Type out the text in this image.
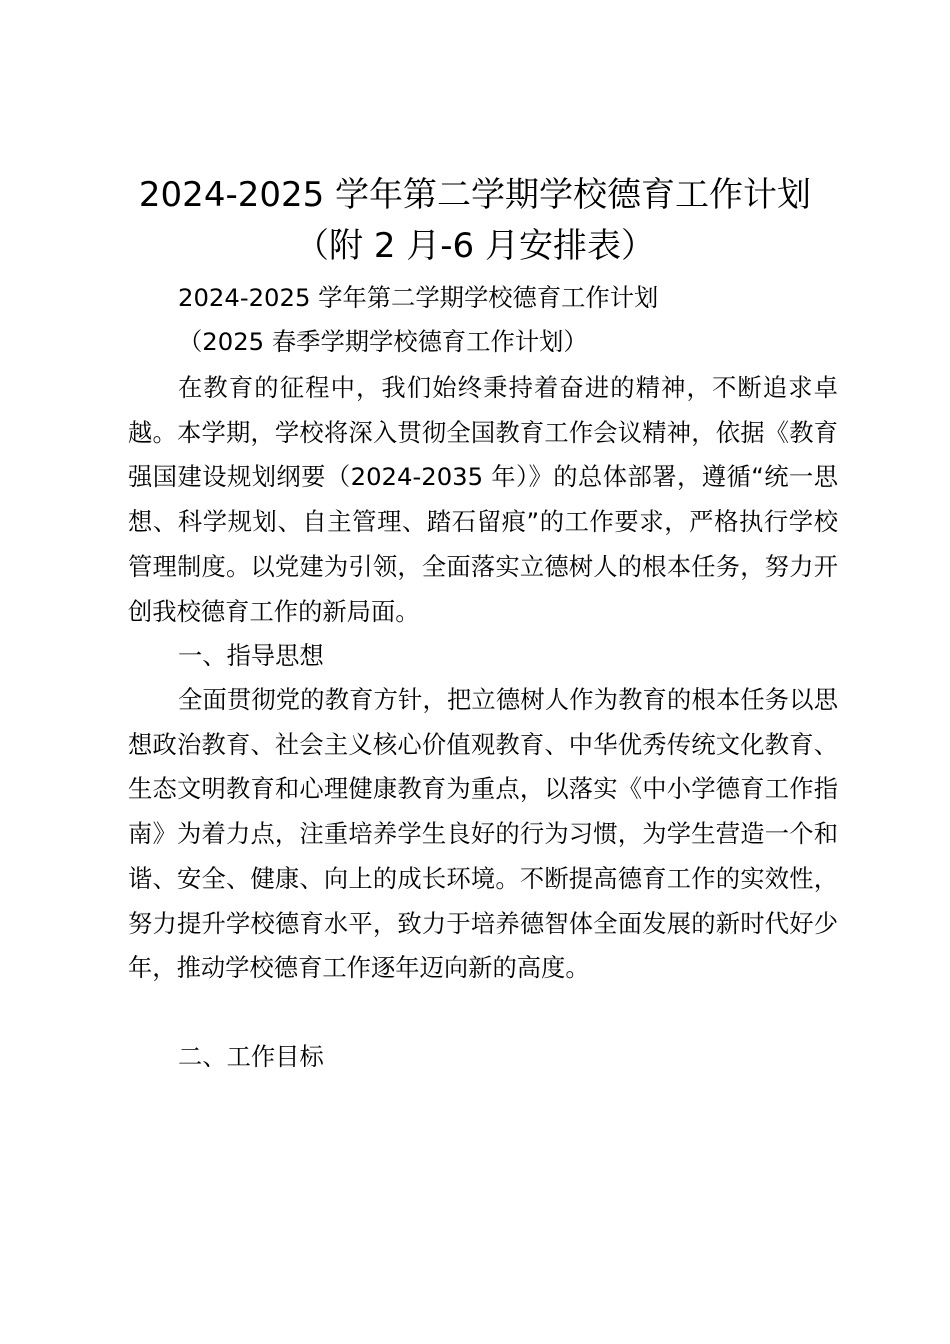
2024-2025 学年第二学期学校德育工作计划
（附 2 月-6 月安排表）

2024-2025 学年第二学期学校德育工作计划

（2025 春季学期学校德育工作计划）

在教育的征程中，我们始终秉持着奋进的精神，不断追求卓越。本学期，学校将深入贯彻全国教育工作会议精神，依据《教育强国建设规划纲要（2024-2035 年）》的总体部署，遵循“统一思想、科学规划、自主管理、踏石留痕”的工作要求，严格执行学校管理制度。以党建为引领，全面落实立德树人的根本任务，努力开创我校德育工作的新局面。

一、指导思想

全面贯彻党的教育方针，把立德树人作为教育的根本任务以思想政治教育、社会主义核心价值观教育、中华优秀传统文化教育、生态文明教育和心理健康教育为重点，以落实《中小学德育工作指南》为着力点，注重培养学生良好的行为习惯，为学生营造一个和谐、安全、健康、向上的成长环境。不断提高德育工作的实效性，努力提升学校德育水平，致力于培养德智体全面发展的新时代好少年，推动学校德育工作逐年迈向新的高度。

二、工作目标
